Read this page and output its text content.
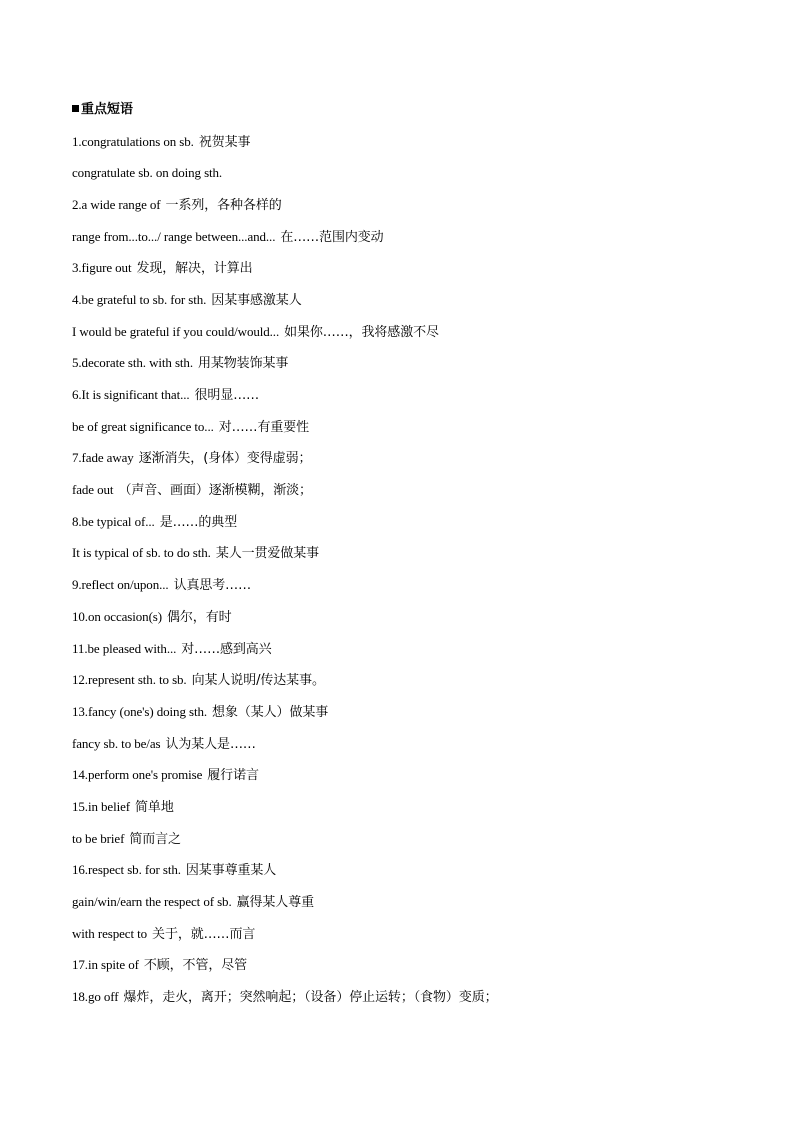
重点短语
1.congratulations on sb. 祝贺某事
congratulate sb. on doing sth.
2.a wide range of 一系列，各种各样的
range from...to.../ range between...and... 在……范围内变动
3.figure out 发现，解决，计算出
4.be grateful to sb. for sth. 因某事感激某人
I would be grateful if you could/would... 如果你……，我将感激不尽
5.decorate sth. with sth. 用某物装饰某事
6.It is significant that... 很明显……
be of great significance to... 对……有重要性
7.fade away 逐渐消失，(身体）变得虚弱；
fade out （声音、画面）逐渐模糊，渐淡；
8.be typical of... 是……的典型
It is typical of sb. to do sth. 某人一贯爱做某事
9.reflect on/upon... 认真思考……
10.on occasion(s) 偶尔，有时
11.be pleased with... 对……感到高兴
12.represent sth. to sb. 向某人说明/传达某事。
13.fancy (one's) doing sth. 想象（某人）做某事
fancy sb. to be/as 认为某人是……
14.perform one's promise 履行诺言
15.in belief 简单地
to be brief 简而言之
16.respect sb. for sth. 因某事尊重某人
gain/win/earn the respect of sb. 赢得某人尊重
with respect to 关于，就……而言
17.in spite of 不顾，不管，尽管
18.go off 爆炸，走火，离开；突然响起；（设备）停止运转；（食物）变质；
